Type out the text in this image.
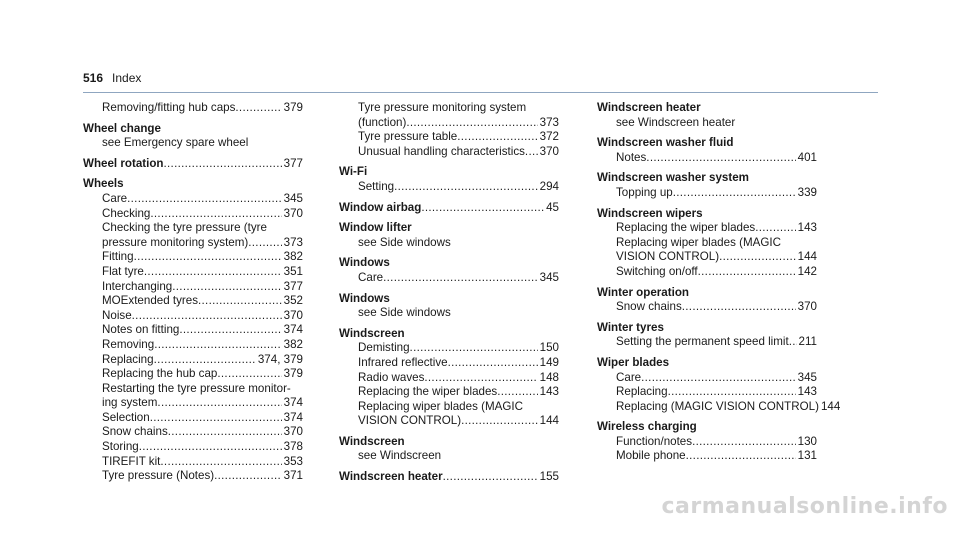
516 Index
Removing/fitting hub caps .....	379
Wheel change
see Emergency spare wheel
Wheel rotation .....	377
Wheels
Care .....	345
Checking .....	370
Checking the tyre pressure (tyre
pressure monitoring system) .....	373
Fitting .....	382
Flat tyre .....	351
Interchanging .....	377
MOExtended tyres .....	352
Noise .....	370
Notes on fitting .....	374
Removing .....	382
Replacing .....	374, 379
Replacing the hub cap .....	379
Restarting the tyre pressure monitor-
ing system .....	374
Selection .....	374
Snow chains .....	370
Storing .....	378
TIREFIT kit .....	353
Tyre pressure (Notes) .....	371
Tyre pressure monitoring system
(function) .....	373
Tyre pressure table .....	372
Unusual handling characteristics ..... 370
Wi-Fi
Setting .....	294
Window airbag .....	45
Window lifter
see Side windows
Windows
Care .....	345
Windows
see Side windows
Windscreen
Demisting .....	150
Infrared reflective .....	149
Radio waves .....	148
Replacing the wiper blades .....	143
Replacing wiper blades (MAGIC
VISION CONTROL) .....	144
Windscreen
see Windscreen
Windscreen heater .....	155
Windscreen heater
see Windscreen heater
Windscreen washer fluid
Notes .....	401
Windscreen washer system
Topping up .....	339
Windscreen wipers
Replacing the wiper blades .....	143
Replacing wiper blades (MAGIC
VISION CONTROL) .....	144
Switching on/off .....	142
Winter operation
Snow chains .....	370
Winter tyres
Setting the permanent speed limit ..... 211
Wiper blades
Care .....	345
Replacing .....	143
Replacing (MAGIC VISION CONTROL) 144
Wireless charging
Function/notes .....	130
Mobile phone .....	131
carmanualsonline.info
